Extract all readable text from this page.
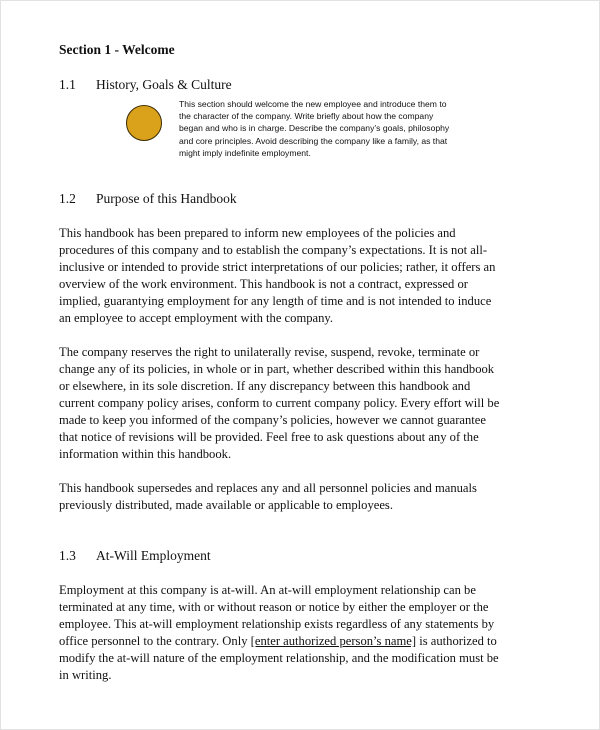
Section 1 - Welcome
1.1	History, Goals & Culture
This section should welcome the new employee and introduce them to
the character of the company. Write briefly about how the company
began and who is in charge. Describe the company’s goals, philosophy
and core principles. Avoid describing the company like a family, as that
might imply indefinite employment.
1.2	Purpose of this Handbook
This handbook has been prepared to inform new employees of the policies and
procedures of this company and to establish the company’s expectations. It is not all-
inclusive or intended to provide strict interpretations of our policies; rather, it offers an
overview of the work environment. This handbook is not a contract, expressed or
implied, guarantying employment for any length of time and is not intended to induce
an employee to accept employment with the company.
The company reserves the right to unilaterally revise, suspend, revoke, terminate or
change any of its policies, in whole or in part, whether described within this handbook
or elsewhere, in its sole discretion. If any discrepancy between this handbook and
current company policy arises, conform to current company policy. Every effort will be
made to keep you informed of the company’s policies, however we cannot guarantee
that notice of revisions will be provided. Feel free to ask questions about any of the
information within this handbook.
This handbook supersedes and replaces any and all personnel policies and manuals
previously distributed, made available or applicable to employees.
1.3	At-Will Employment
Employment at this company is at-will. An at-will employment relationship can be
terminated at any time, with or without reason or notice by either the employer or the
employee. This at-will employment relationship exists regardless of any statements by
office personnel to the contrary. Only [enter authorized person’s name] is authorized to
modify the at-will nature of the employment relationship, and the modification must be
in writing.
